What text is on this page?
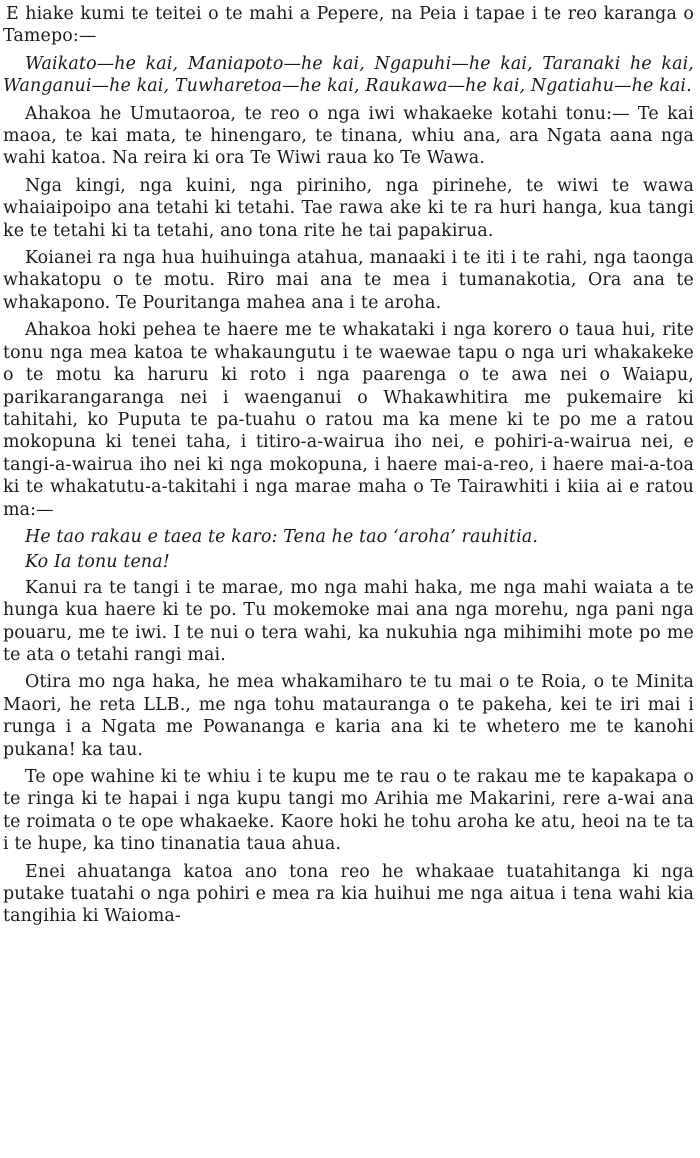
E hiake kumi te teitei o te mahi a Pepere, na Peia i tapae i te reo karanga o Tamepo:—

Waikato—he kai, Maniapoto—he kai, Ngapuhi—he kai, Taranaki he kai, Wanganui—he kai, Tuwharetoa—he kai, Raukawa—he kai, Ngatiahu—he kai.

Ahakoa he Umutaoroa, te reo o nga iwi whakaeke kotahi tonu:— Te kai maoa, te kai mata, te hinengaro, te tinana, whiu ana, ara Ngata aana nga wahi katoa. Na reira ki ora Te Wiwi raua ko Te Wawa.

Nga kingi, nga kuini, nga piriniho, nga pirinehe, te wiwi te wawa whaiaipoipo ana tetahi ki tetahi. Tae rawa ake ki te ra huri hanga, kua tangi ke te tetahi ki ta tetahi, ano tona rite he tai papakirua.

Koianei ra nga hua huihuinga atahua, manaaki i te iti i te rahi, nga taonga whakatopu o te motu. Riro mai ana te mea i tumanakotia, Ora ana te whakapono. Te Pouritanga mahea ana i te aroha.

Ahakoa hoki pehea te haere me te whakataki i nga korero o taua hui, rite tonu nga mea katoa te whakaungutu i te waewae tapu o nga uri whakakeke o te motu ka haruru ki roto i nga paarenga o te awa nei o Waiapu, parikarangaranga nei i waenganui o Whakawhitira me pukemaire ki tahitahi, ko Puputa te pa-tuahu o ratou ma ka mene ki te po me a ratou mokopuna ki tenei taha, i titiro-a-wairua iho nei, e pohiri-a-wairua nei, e tangi-a-wairua iho nei ki nga mokopuna, i haere mai-a-reo, i haere mai-a-toa ki te whakatutu-a-takitahi i nga marae maha o Te Tairawhiti i kiia ai e ratou ma:—

He tao rakau e taea te karo: Tena he tao ‘aroha’ rauhitia.
Ko Ia tonu tena!

Kanui ra te tangi i te marae, mo nga mahi haka, me nga mahi waiata a te hunga kua haere ki te po. Tu mokemoke mai ana nga morehu, nga pani nga pouaru, me te iwi. I te nui o tera wahi, ka nukuhia nga mihimihi mote po me te ata o tetahi rangi mai.

Otira mo nga haka, he mea whakamiharo te tu mai o te Roia, o te Minita Maori, he reta LLB., me nga tohu matauranga o te pakeha, kei te iri mai i runga i a Ngata me Powananga e karia ana ki te whetero me te kanohi pukana! ka tau.

Te ope wahine ki te whiu i te kupu me te rau o te rakau me te kapakapa o te ringa ki te hapai i nga kupu tangi mo Arihia me Makarini, rere a-wai ana te roimata o te ope whakaeke. Kaore hoki he tohu aroha ke atu, heoi na te ta i te hupe, ka tino tinanatia taua ahua.

Enei ahuatanga katoa ano tona reo he whakaae tuatahitanga ki nga putake tuatahi o nga pohiri e mea ra kia huihui me nga aitua i tena wahi kia tangihia ki Waioma-
